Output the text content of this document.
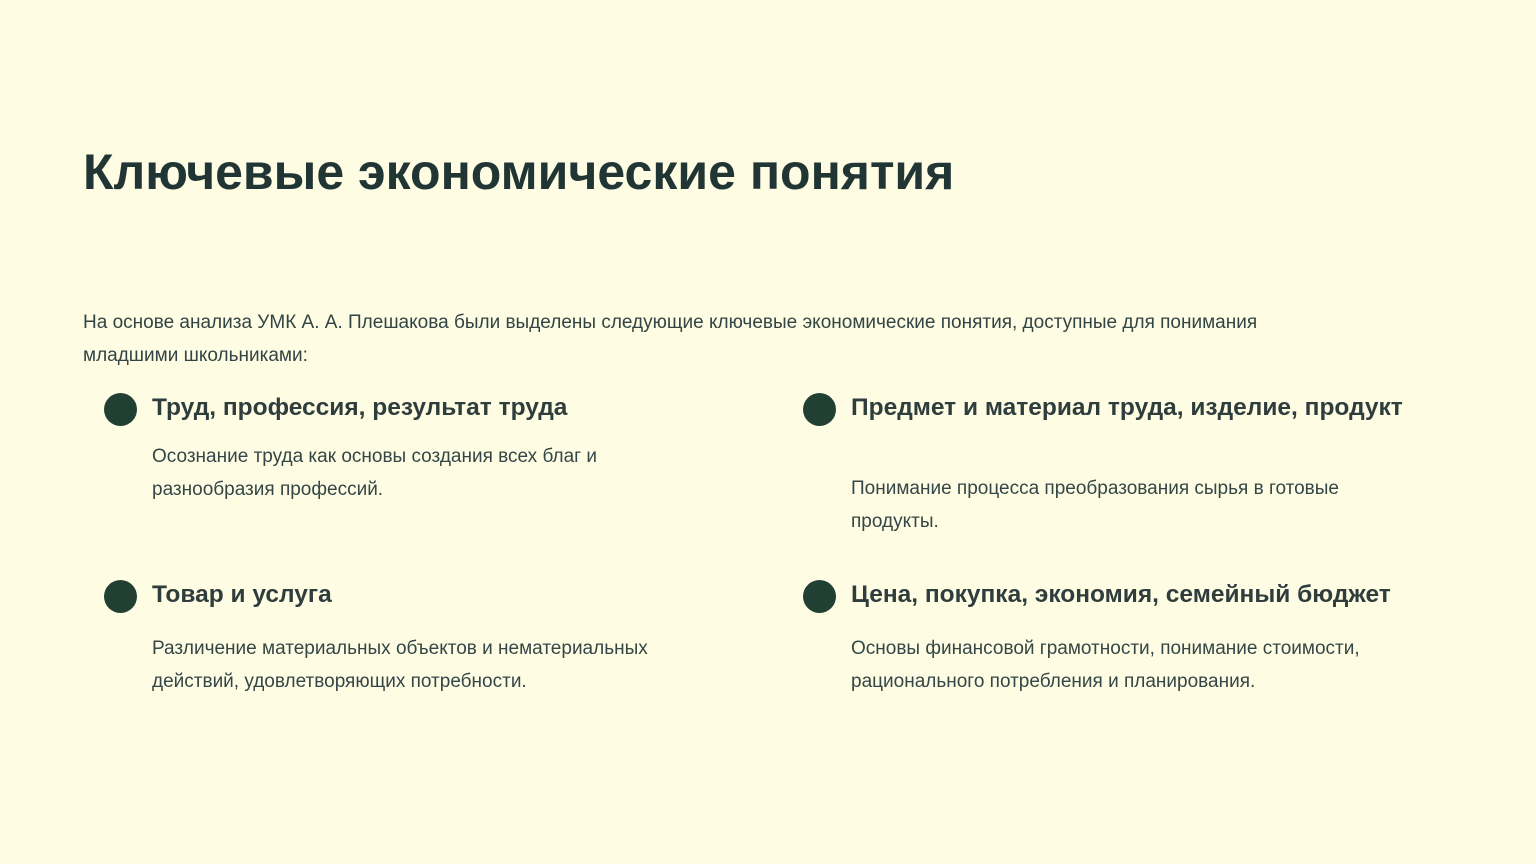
Ключевые экономические понятия

На основе анализа УМК А. А. Плешакова были выделены следующие ключевые экономические понятия, доступные для понимания
младшими школьниками:

Труд, профессия, результат труда

Осознание труда как основы создания всех благ и
разнообразия профессий.

Предмет и материал труда, изделие, продукт

Понимание процесса преобразования сырья в готовые
продукты.

Товар и услуга

Различение материальных объектов и нематериальных
действий, удовлетворяющих потребности.

Цена, покупка, экономия, семейный бюджет

Основы финансовой грамотности, понимание стоимости,
рационального потребления и планирования.
